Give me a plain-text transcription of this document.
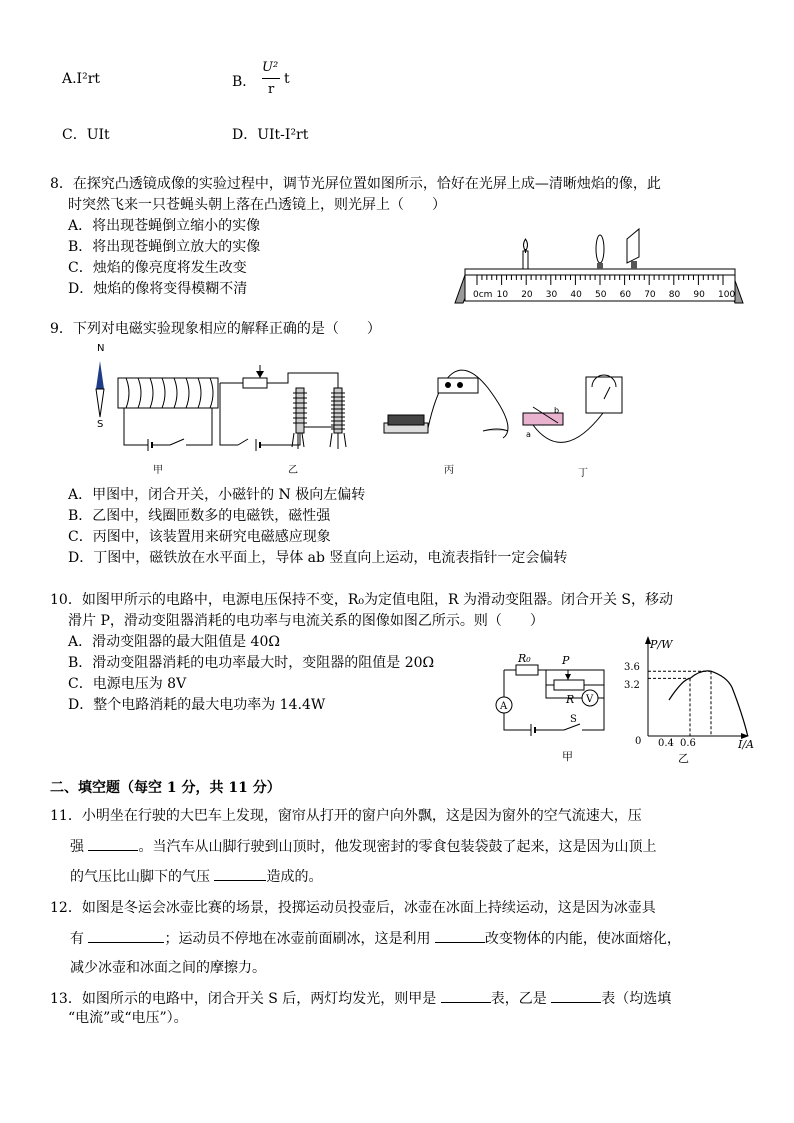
A.I²rt	B．
U²
r
t
C．UIt	D．UIt-I²rt
8．在探究凸透镜成像的实验过程中，调节光屏位置如图所示，恰好在光屏上成—清晰烛焰的像，此
时突然飞来一只苍蝇头朝上落在凸透镜上，则光屏上（　　）
A．将出现苍蝇倒立缩小的实像
B．将出现苍蝇倒立放大的实像
C．烛焰的像亮度将发生改变
D．烛焰的像将变得模糊不清	0cm 10 20 30 40 50 60 70 80 90 100
9．下列对电磁实验现象相应的解释正确的是（　　）
N
S
a
b
甲	乙	丙	丁
A．甲图中，闭合开关，小磁针的 N 极向左偏转
B．乙图中，线圈匝数多的电磁铁，磁性强
C．丙图中，该装置用来研究电磁感应现象
D．丁图中，磁铁放在水平面上，导体 ab 竖直向上运动，电流表指针一定会偏转
10．如图甲所示的电路中，电源电压保持不变，R₀为定值电阻，R 为滑动变阻器。闭合开关 S，移动
滑片 P，滑动变阻器消耗的电功率与电流关系的图像如图乙所示。则（　　）
A．滑动变阻器的最大阻值是 40Ω
B．滑动变阻器消耗的电功率最大时，变阻器的阻值是 20Ω
C．电源电压为 8V
D．整个电路消耗的最大电功率为 14.4W
R₀	P
R
A
V
S
甲
P/W
I/A
3.6
3.2
0.4 0.6
0
乙
二、填空题（每空 1 分，共 11 分）
11．小明坐在行驶的大巴车上发现，窗帘从打开的窗户向外飘，这是因为窗外的空气流速大，压
强	。当汽车从山脚行驶到山顶时，他发现密封的零食包装袋鼓了起来，这是因为山顶上
的气压比山脚下的气压	造成的。
12．如图是冬运会冰壶比赛的场景，投掷运动员投壶后，冰壶在冰面上持续运动，这是因为冰壶具
有	；运动员不停地在冰壶前面刷冰，这是利用	改变物体的内能，使冰面熔化，
减少冰壶和冰面之间的摩擦力。
13．如图所示的电路中，闭合开关 S 后，两灯均发光，则甲是	表，乙是	表（均选填
“电流”或“电压”）。
